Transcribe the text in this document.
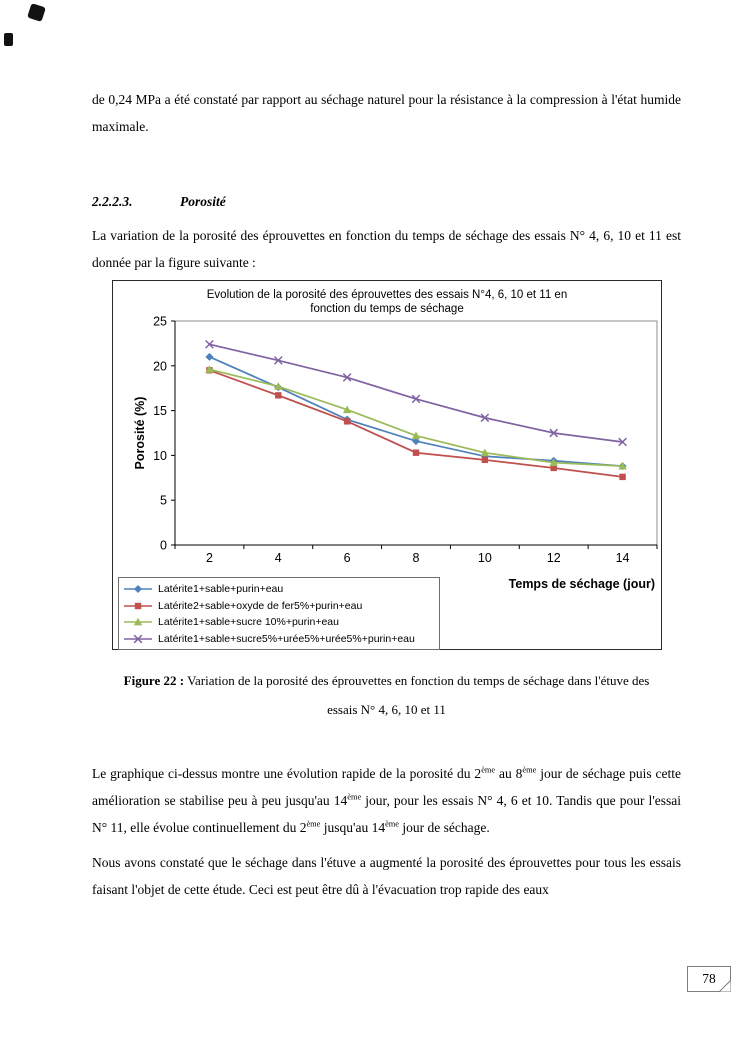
de 0,24 MPa a été constaté par rapport au séchage naturel pour la résistance à la compression à l'état humide maximale.

2.2.2.3.	Porosité

La variation de la porosité des éprouvettes en fonction du temps de séchage des essais N° 4, 6, 10 et 11 est donnée par la figure suivante :

Evolution de la porosité des éprouvettes des essais N°4, 6, 10 et 11 en
fonction du temps de séchage
0
5
10
15
20
25
2	4	6	8	10	12	14
Porosité (%)
Temps de séchage (jour)
Latérite1+sable+purin+eau
Latérite2+sable+oxyde de fer5%+purin+eau
Latérite1+sable+sucre 10%+purin+eau
Latérite1+sable+sucre5%+urée5%+urée5%+purin+eau

Figure 22 : Variation de la porosité des éprouvettes en fonction du temps de séchage dans l'étuve des
essais N° 4, 6, 10 et 11

Le graphique ci-dessus montre une évolution rapide de la porosité du 2ème au 8ème jour de séchage puis cette amélioration se stabilise peu à peu jusqu'au 14ème jour, pour les essais N° 4, 6 et 10. Tandis que pour l'essai N° 11, elle évolue continuellement du 2ème jusqu'au 14ème jour de séchage.

Nous avons constaté que le séchage dans l'étuve a augmenté la porosité des éprouvettes pour tous les essais faisant l'objet de cette étude. Ceci est peut être dû à l'évacuation trop rapide des eaux

78
